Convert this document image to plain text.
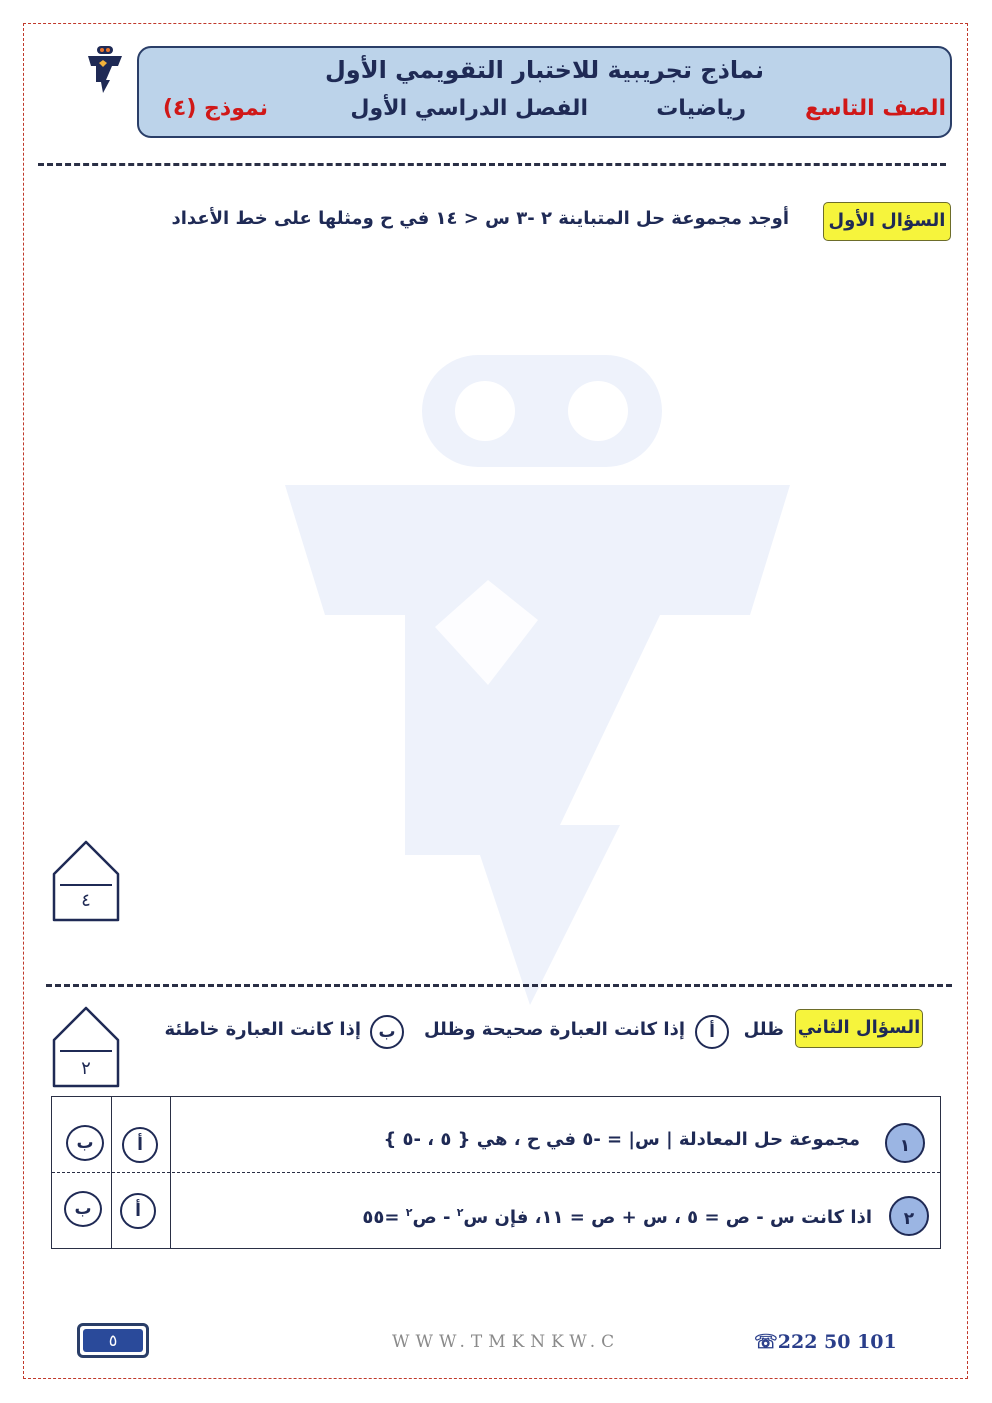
نماذج تجريبية للاختبار التقويمي الأول
الصف التاسع
رياضيات
الفصل الدراسي الأول
نموذج (٤)
السؤال الأول
أوجد مجموعة حل المتباينة ٢ -٣ س < ١٤ في ح ومثلها على خط الأعداد
٤
السؤال الثاني
ظلل
أ
إذا كانت العبارة صحيحة وظلل
ب
إذا كانت العبارة خاطئة
٢
١
مجموعة حل المعادلة | س| = -٥ في ح ، هي { ٥ ، -٥ }
أ
ب
٢
اذا كانت س - ص = ٥ ، س + ص = ١١، فإن س$^٢$ - ص$^٢$ =٥٥
أ
ب
٥	WWW.TMKNKW.C	☏222 50 101
